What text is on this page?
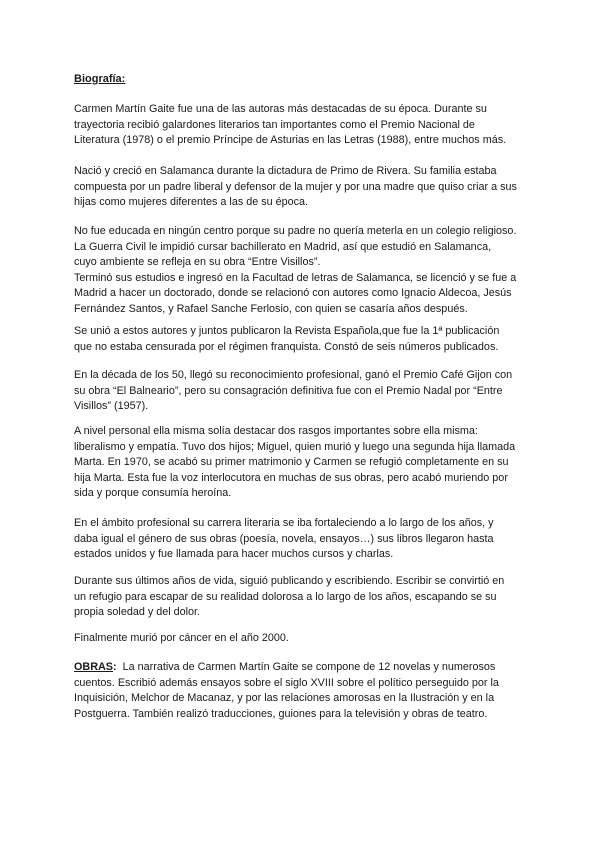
Biografía:

Carmen Martín Gaite fue una de las autoras más destacadas de su época. Durante su
trayectoria recibió galardones literarios tan importantes como el Premio Nacional de
Literatura (1978) o el premio Príncipe de Asturias en las Letras (1988), entre muchos más.

Nació y creció en Salamanca durante la dictadura de Primo de Rivera. Su familia estaba
compuesta por un padre liberal y defensor de la mujer y por una madre que quiso criar a sus
hijas como mujeres diferentes a las de su época.

No fue educada en ningún centro porque su padre no quería meterla en un colegio religioso.
La Guerra Civil le impidió cursar bachillerato en Madrid, así que estudió en Salamanca,
cuyo ambiente se refleja en su obra “Entre Visillos”.
Terminó sus estudios e ingresó en la Facultad de letras de Salamanca, se licenció y se fue a
Madrid a hacer un doctorado, donde se relacionó con autores como Ignacio Aldecoa, Jesús
Fernández Santos, y Rafael Sanche Ferlosio, con quien se casaría años después.

Se unió a estos autores y juntos publicaron la Revista Española,que fue la 1ª publicación
que no estaba censurada por el régimen franquista. Constó de seis números publicados.

En la década de los 50, llegó su reconocimiento profesional, ganó el Premio Café Gijon con
su obra “El Balneario”, pero su consagración definitiva fue con el Premio Nadal por “Entre
Visillos” (1957).

A nivel personal ella misma solía destacar dos rasgos importantes sobre ella misma:
liberalismo y empatía. Tuvo dos hijos; Miguel, quien murió y luego una segunda hija llamada
Marta. En 1970, se acabó su primer matrimonio y Carmen se refugió completamente en su
hija Marta. Esta fue la voz interlocutora en muchas de sus obras, pero acabó muriendo por
sida y porque consumía heroína.

En el ámbito profesional su carrera literaria se iba fortaleciendo a lo largo de los años, y
daba igual el género de sus obras (poesía, novela, ensayos…) sus libros llegaron hasta
estados unidos y fue llamada para hacer muchos cursos y charlas.

Durante sus últimos años de vida, siguió publicando y escribiendo. Escribir se convirtió en
un refugio para escapar de su realidad dolorosa a lo largo de los años, escapando se su
propia soledad y del dolor.

Finalmente murió por cáncer en el año 2000.

OBRAS:  La narrativa de Carmen Martín Gaite se compone de 12 novelas y numerosos
cuentos. Escribió además ensayos sobre el siglo XVIII sobre el político perseguido por la
Inquisición, Melchor de Macanaz, y por las relaciones amorosas en la Ilustración y en la
Postguerra. También realizó traducciones, guiones para la televisión y obras de teatro.
